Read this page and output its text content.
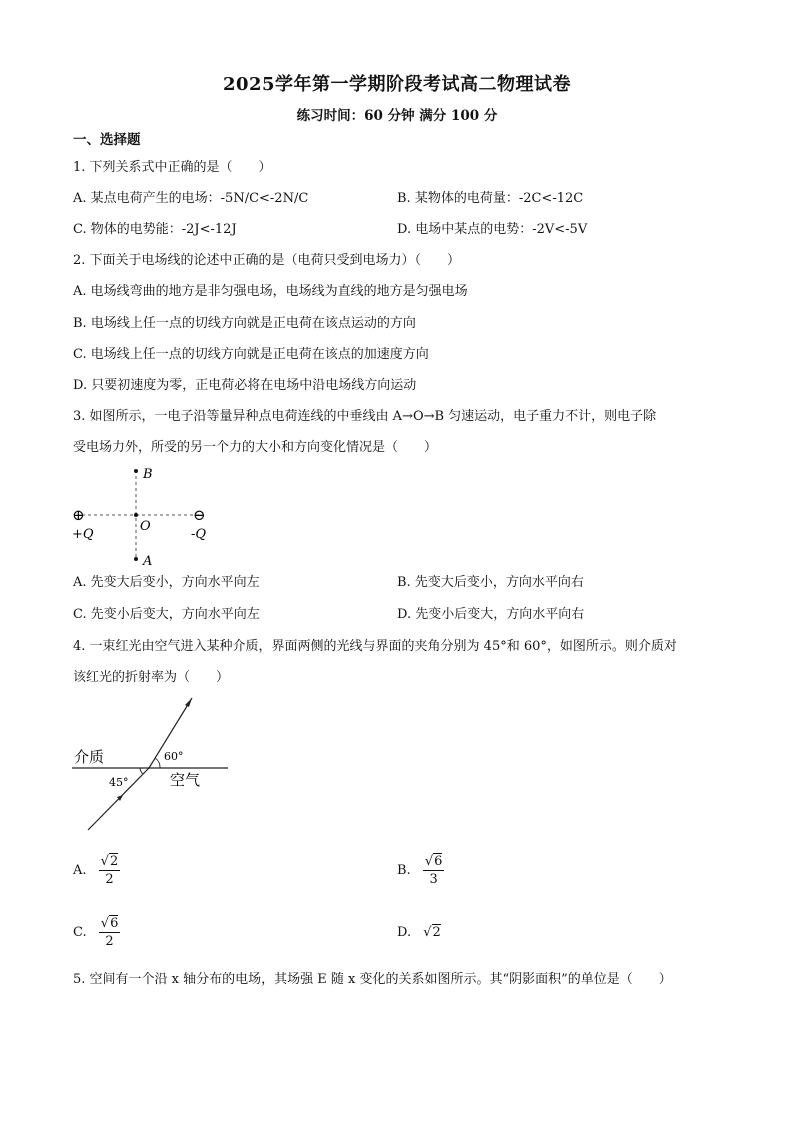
2025学年第一学期阶段考试高二物理试卷
练习时间：60 分钟 满分 100 分
一、选择题
1. 下列关系式中正确的是（　　）
A. 某点电荷产生的电场：-5N/C<-2N/C	B. 某物体的电荷量：-2C<-12C
C. 物体的电势能：-2J<-12J	D. 电场中某点的电势：-2V<-5V
2. 下面关于电场线的论述中正确的是（电荷只受到电场力）（　　）
A. 电场线弯曲的地方是非匀强电场，电场线为直线的地方是匀强电场
B. 电场线上任一点的切线方向就是正电荷在该点运动的方向
C. 电场线上任一点的切线方向就是正电荷在该点的加速度方向
D. 只要初速度为零，正电荷必将在电场中沿电场线方向运动
3. 如图所示，一电子沿等量异种点电荷连线的中垂线由 A→O→B 匀速运动，电子重力不计，则电子除
受电场力外，所受的另一个力的大小和方向变化情况是（　　）
B
O
A
⊕	⊖
+Q	-Q
A. 先变大后变小，方向水平向左	B. 先变大后变小，方向水平向右
C. 先变小后变大，方向水平向左	D. 先变小后变大，方向水平向右
4. 一束红光由空气进入某种介质，界面两侧的光线与界面的夹角分别为 45°和 60°，如图所示。则介质对
该红光的折射率为（　　）
介质
空气
60°
45°
A. $\frac{√2}{2}$	B. $\frac{√6}{3}$
C. $\frac{√6}{2}$	D. √2
5. 空间有一个沿 x 轴分布的电场，其场强 E 随 x 变化的关系如图所示。其“阴影面积”的单位是（　　）
